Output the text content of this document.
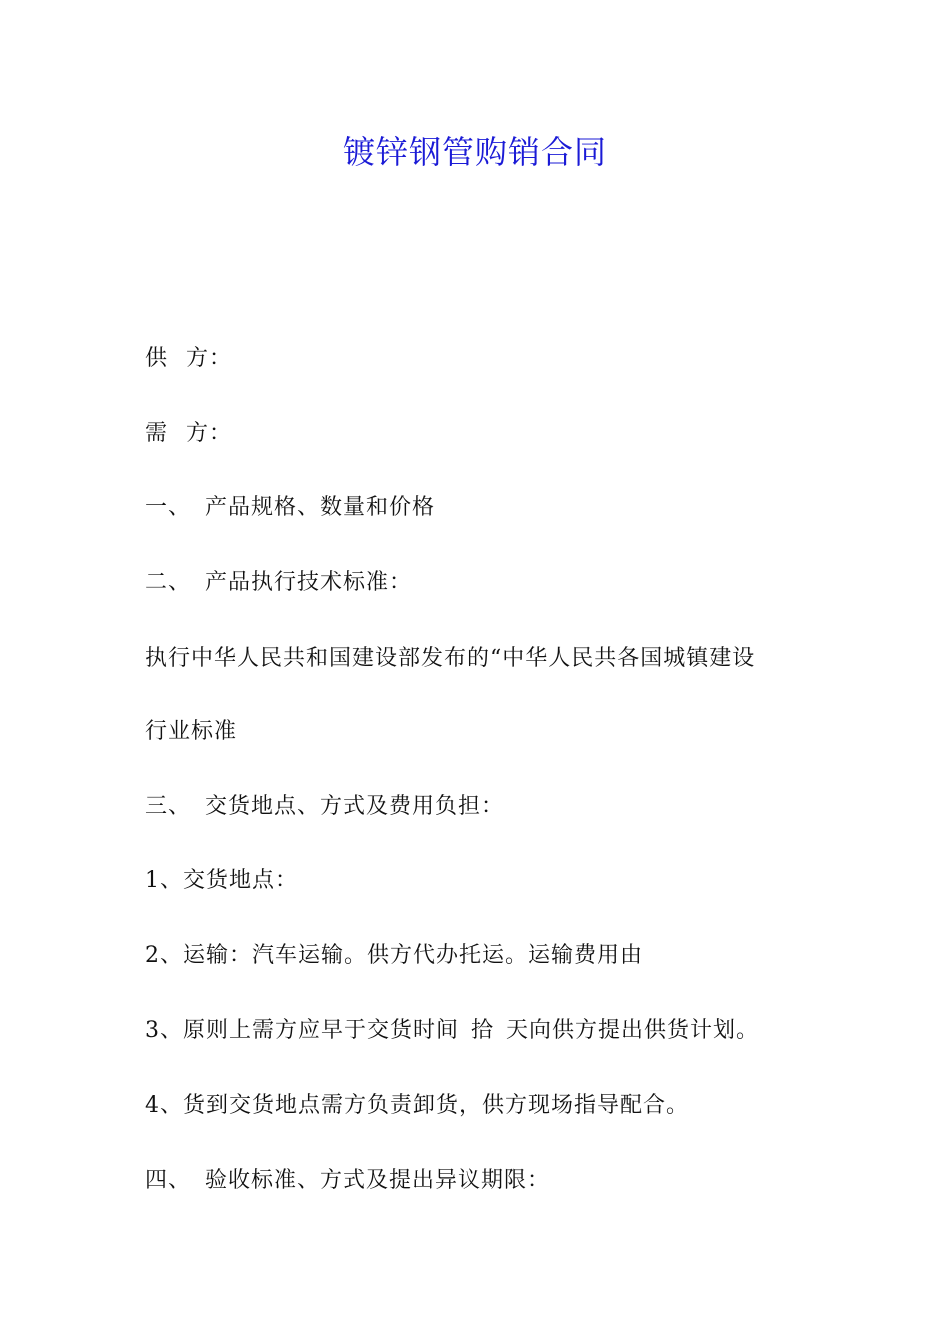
镀锌钢管购销合同
供 方：
需 方：
一、 产品规格、数量和价格
二、 产品执行技术标准：
执行中华人民共和国建设部发布的“中华人民共各国城镇建设
行业标准
三、 交货地点、方式及费用负担：
1、交货地点：
2、运输：汽车运输。供方代办托运。运输费用由
3、原则上需方应早于交货时间 拾 天向供方提出供货计划。
4、货到交货地点需方负责卸货，供方现场指导配合。
四、 验收标准、方式及提出异议期限：
